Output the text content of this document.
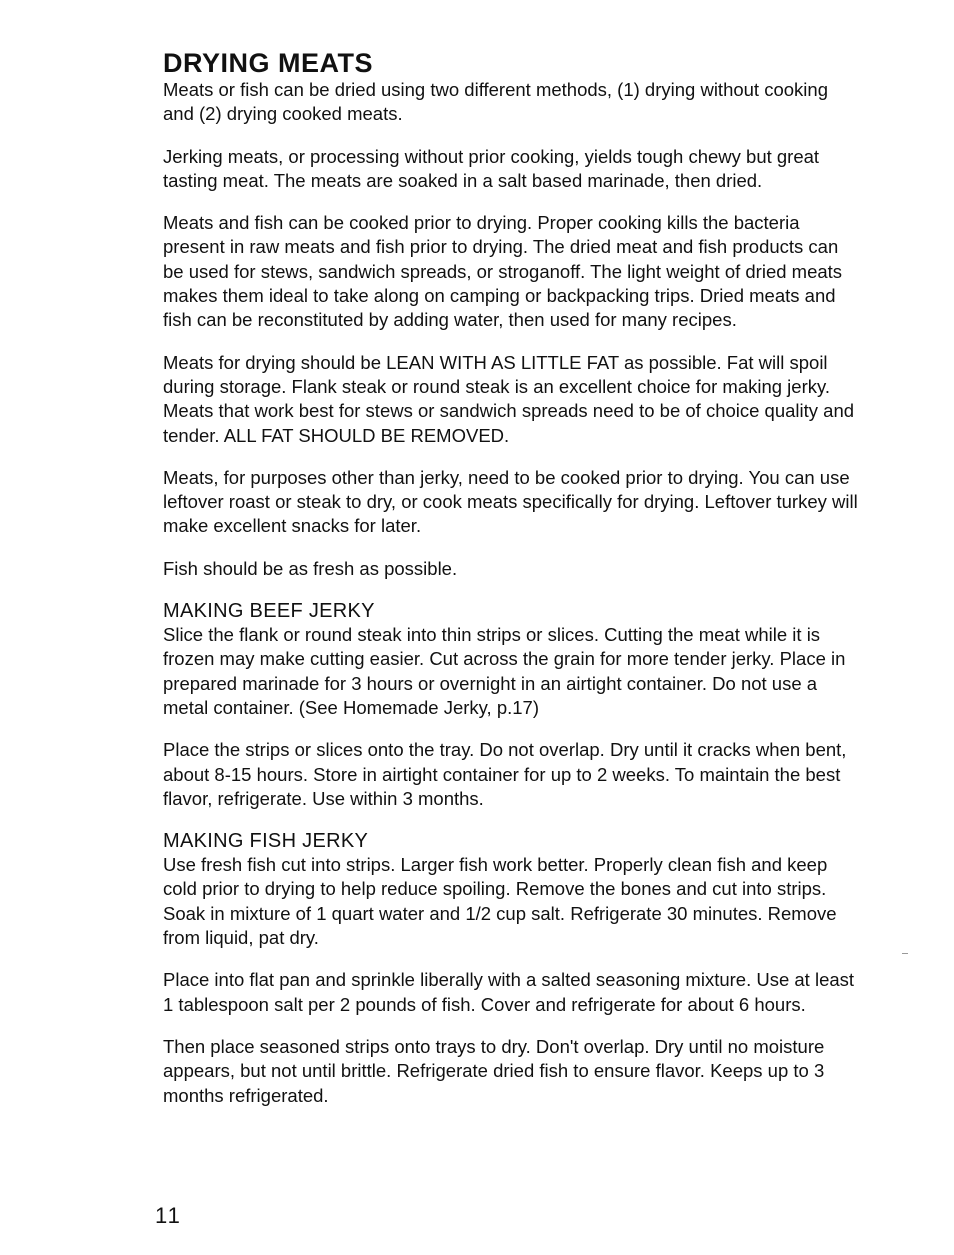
DRYING MEATS

Meats or fish can be dried using two different methods, (1) drying without cooking and (2) drying cooked meats.

Jerking meats, or processing without prior cooking, yields tough chewy but great tasting meat. The meats are soaked in a salt based marinade, then dried.

Meats and fish can be cooked prior to drying. Proper cooking kills the bacteria present in raw meats and fish prior to drying. The dried meat and fish products can be used for stews, sandwich spreads, or stroganoff. The light weight of dried meats makes them ideal to take along on camping or backpacking trips. Dried meats and fish can be reconstituted by adding water, then used for many recipes.

Meats for drying should be LEAN WITH AS LITTLE FAT as possible. Fat will spoil during storage. Flank steak or round steak is an excellent choice for making jerky. Meats that work best for stews or sandwich spreads need to be of choice quality and tender. ALL FAT SHOULD BE REMOVED.

Meats, for purposes other than jerky, need to be cooked prior to drying. You can use leftover roast or steak to dry, or cook meats specifically for drying. Leftover turkey will make excellent snacks for later.

Fish should be as fresh as possible.

MAKING BEEF JERKY

Slice the flank or round steak into thin strips or slices. Cutting the meat while it is frozen may make cutting easier. Cut across the grain for more tender jerky. Place in prepared marinade for 3 hours or overnight in an airtight container. Do not use a metal container. (See Homemade Jerky, p.17)

Place the strips or slices onto the tray. Do not overlap. Dry until it cracks when bent, about 8-15 hours. Store in airtight container for up to 2 weeks. To maintain the best flavor, refrigerate. Use within 3 months.

MAKING FISH JERKY

Use fresh fish cut into strips. Larger fish work better. Properly clean fish and keep cold prior to drying to help reduce spoiling. Remove the bones and cut into strips. Soak in mixture of 1 quart water and 1/2 cup salt. Refrigerate 30 minutes. Remove from liquid, pat dry.

Place into flat pan and sprinkle liberally with a salted seasoning mixture. Use at least 1 tablespoon salt per 2 pounds of fish. Cover and refrigerate for about 6 hours.

Then place seasoned strips onto trays to dry. Don't overlap. Dry until no moisture appears, but not until brittle. Refrigerate dried fish to ensure flavor. Keeps up to 3 months refrigerated.

11
